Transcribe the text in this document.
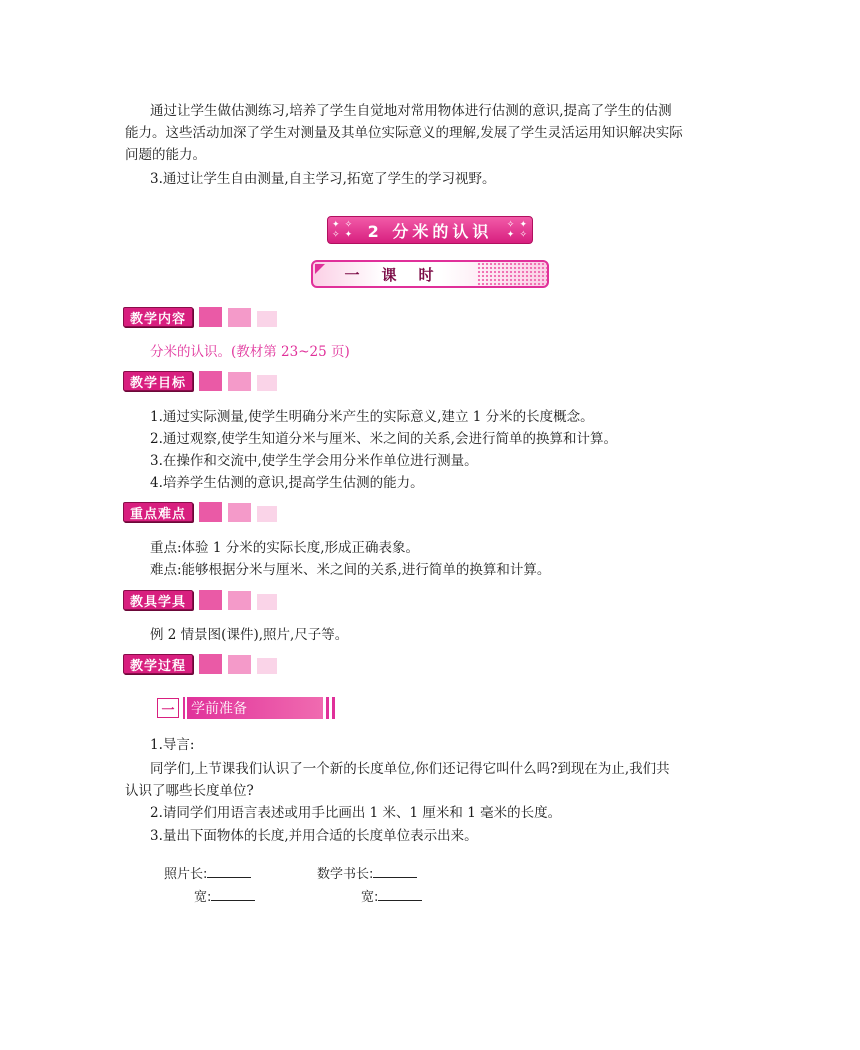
通过让学生做估测练习,培养了学生自觉地对常用物体进行估测的意识,提高了学生的估测

能力。这些活动加深了学生对测量及其单位实际意义的理解,发展了学生灵活运用知识解决实际

问题的能力。

3.通过让学生自由测量,自主学习,拓宽了学生的学习视野。

✦ ✧
✧ ✦ 2 分米的认识 ✧ ✦
✦ ✧
一课时
教学内容

分米的认识。(教材第 23~25 页)

教学目标

1.通过实际测量,使学生明确分米产生的实际意义,建立 1 分米的长度概念。

2.通过观察,使学生知道分米与厘米、米之间的关系,会进行简单的换算和计算。

3.在操作和交流中,使学生学会用分米作单位进行测量。

4.培养学生估测的意识,提高学生估测的能力。

重点难点

重点:体验 1 分米的实际长度,形成正确表象。

难点:能够根据分米与厘米、米之间的关系,进行简单的换算和计算。

教具学具

例 2 情景图(课件),照片,尺子等。

教学过程
一	学前准备

1.导言:

同学们,上节课我们认识了一个新的长度单位,你们还记得它叫什么吗?到现在为止,我们共

认识了哪些长度单位?

2.请同学们用语言表述或用手比画出 1 米、1 厘米和 1 毫米的长度。

3.量出下面物体的长度,并用合适的长度单位表示出来。

照片长:
宽:
数学书长:
宽:
